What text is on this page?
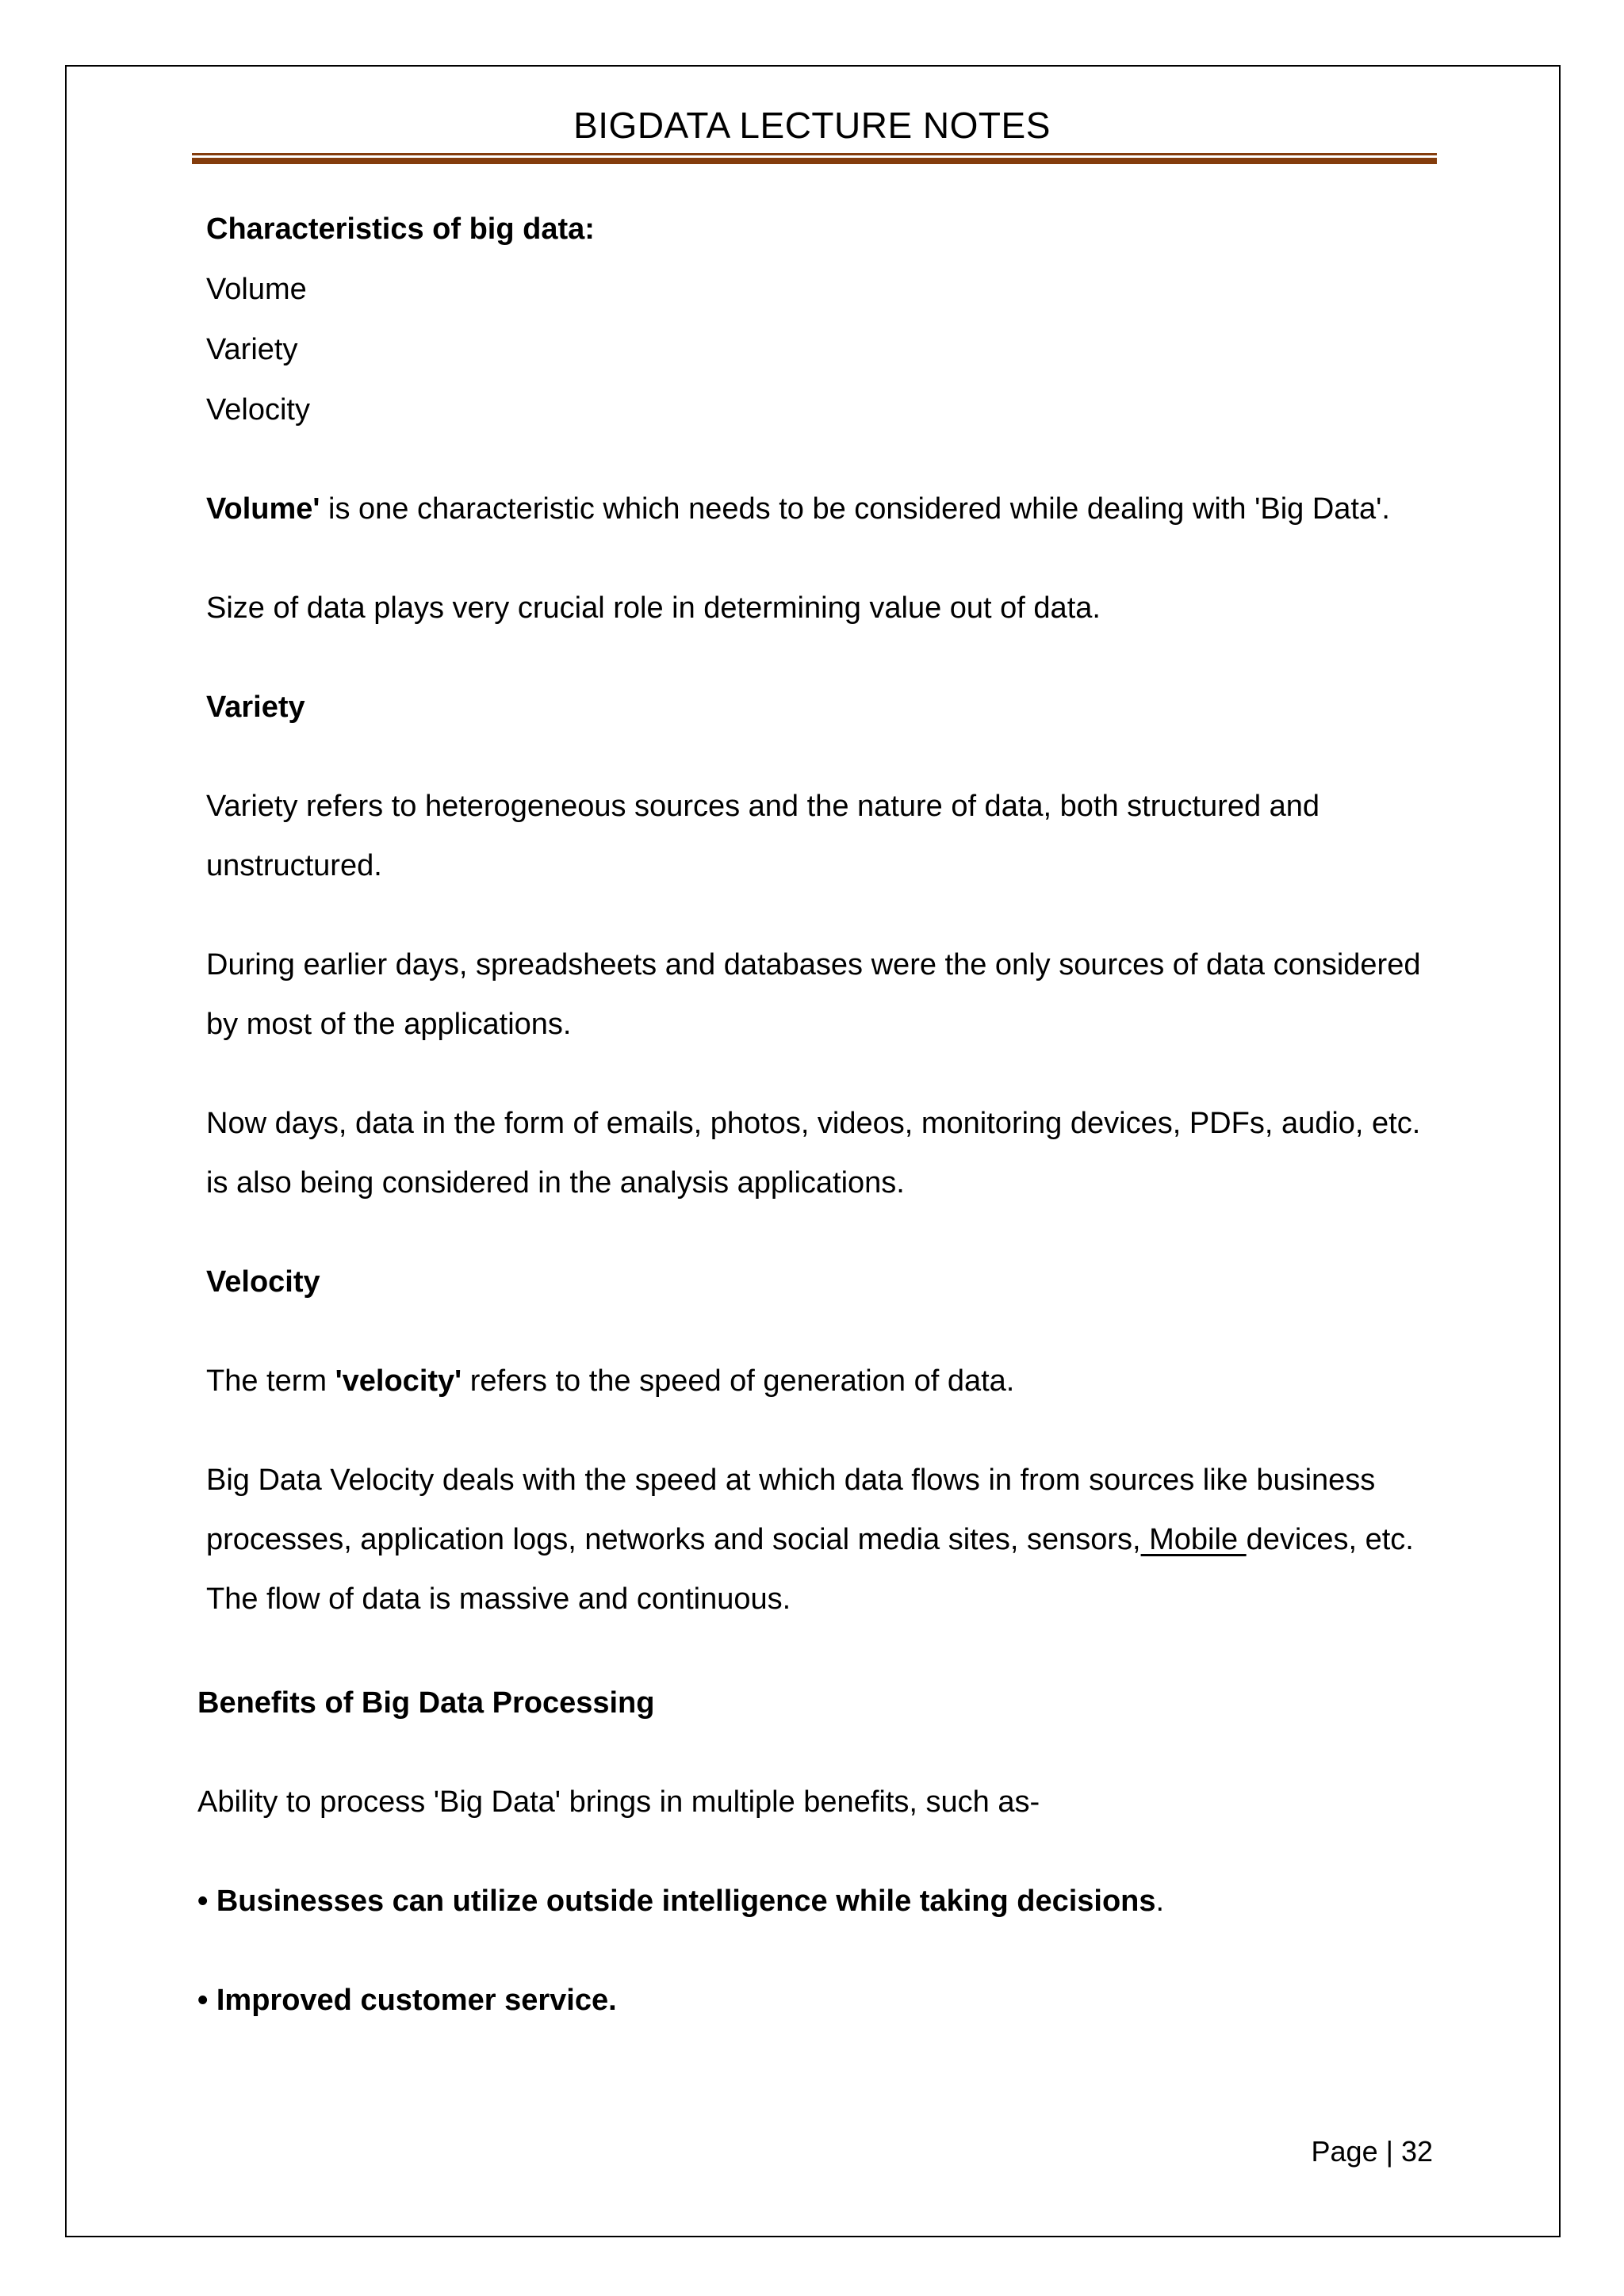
BIGDATA LECTURE NOTES
Characteristics of big data:
Volume
Variety
Velocity
Volume' is one characteristic which needs to be considered while dealing with 'Big Data'.
Size of data plays very crucial role in determining value out of data.
Variety
Variety refers to heterogeneous sources and the nature of data, both structured and
unstructured.
During earlier days, spreadsheets and databases were the only sources of data considered
by most of the applications.
Now days, data in the form of emails, photos, videos, monitoring devices, PDFs, audio, etc.
is also being considered in the analysis applications.
Velocity
The term 'velocity' refers to the speed of generation of data.
Big Data Velocity deals with the speed at which data flows in from sources like business
processes, application logs, networks and social media sites, sensors, Mobile devices, etc.
The flow of data is massive and continuous.
Benefits of Big Data Processing
Ability to process 'Big Data' brings in multiple benefits, such as-
• Businesses can utilize outside intelligence while taking decisions.
• Improved customer service.
Page | 32
